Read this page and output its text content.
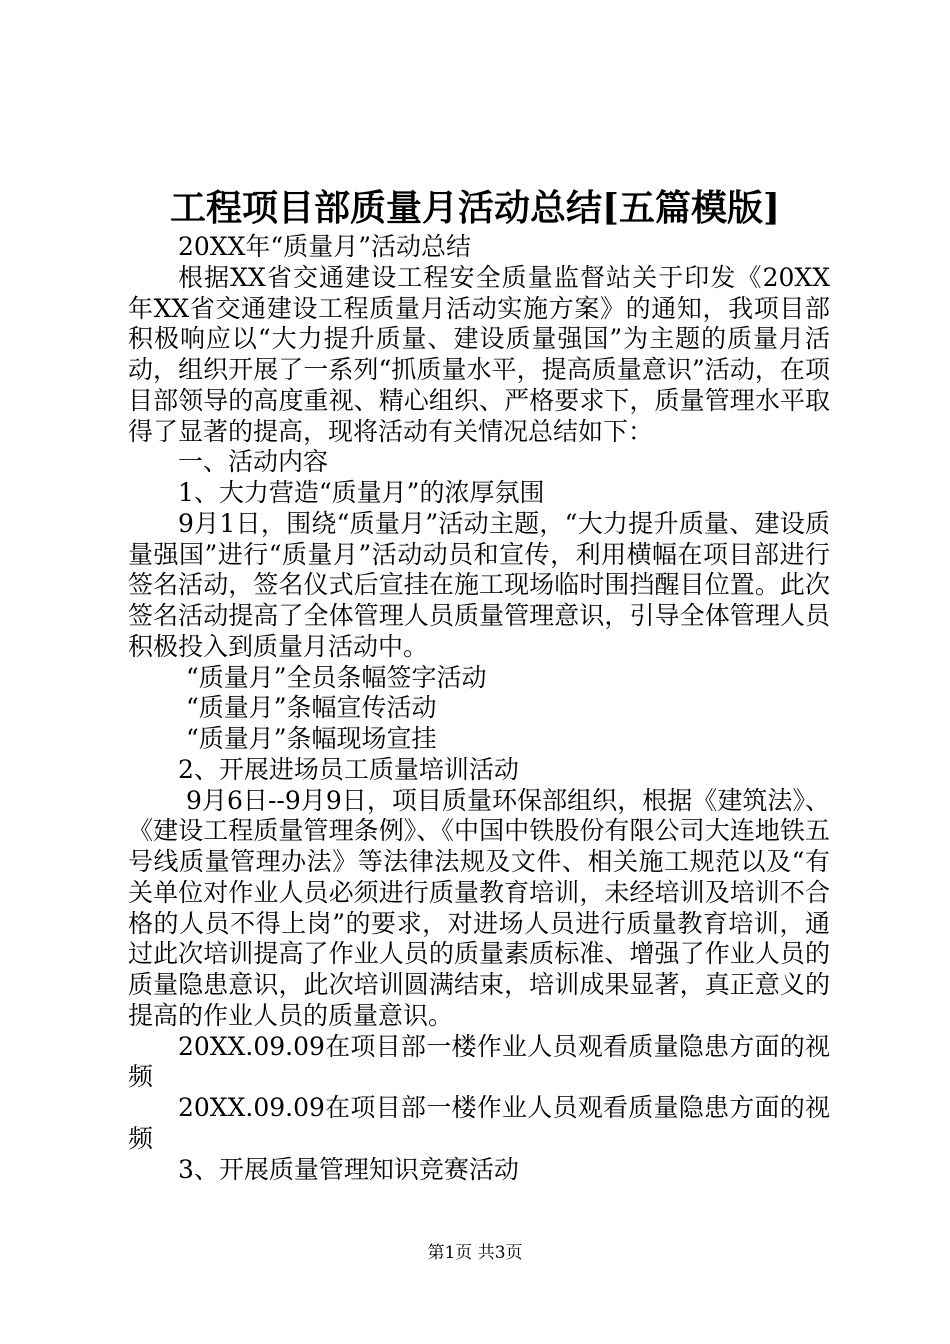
工程项目部质量月活动总结[五篇模版]

20XX年“质量月”活动总结

根据XX省交通建设工程安全质量监督站关于印发《20XX年XX省交通建设工程质量月活动实施方案》的通知，我项目部积极响应以“大力提升质量、建设质量强国”为主题的质量月活动，组织开展了一系列“抓质量水平，提高质量意识”活动，在项目部领导的高度重视、精心组织、严格要求下，质量管理水平取得了显著的提高，现将活动有关情况总结如下：

一、活动内容

1、大力营造“质量月”的浓厚氛围

9月1日，围绕“质量月”活动主题，“大力提升质量、建设质量强国”进行“质量月”活动动员和宣传，利用横幅在项目部进行签名活动，签名仪式后宣挂在施工现场临时围挡醒目位置。此次签名活动提高了全体管理人员质量管理意识，引导全体管理人员积极投入到质量月活动中。

“质量月”全员条幅签字活动

“质量月”条幅宣传活动

“质量月”条幅现场宣挂

2、开展进场员工质量培训活动

9月6日--9月9日，项目质量环保部组织，根据《建筑法》、《建设工程质量管理条例》、《中国中铁股份有限公司大连地铁五号线质量管理办法》等法律法规及文件、相关施工规范以及“有关单位对作业人员必须进行质量教育培训，未经培训及培训不合格的人员不得上岗”的要求，对进场人员进行质量教育培训，通过此次培训提高了作业人员的质量素质标准、增强了作业人员的质量隐患意识，此次培训圆满结束，培训成果显著，真正意义的提高的作业人员的质量意识。

20XX.09.09在项目部一楼作业人员观看质量隐患方面的视频

20XX.09.09在项目部一楼作业人员观看质量隐患方面的视频

3、开展质量管理知识竞赛活动

第1页 共3页
